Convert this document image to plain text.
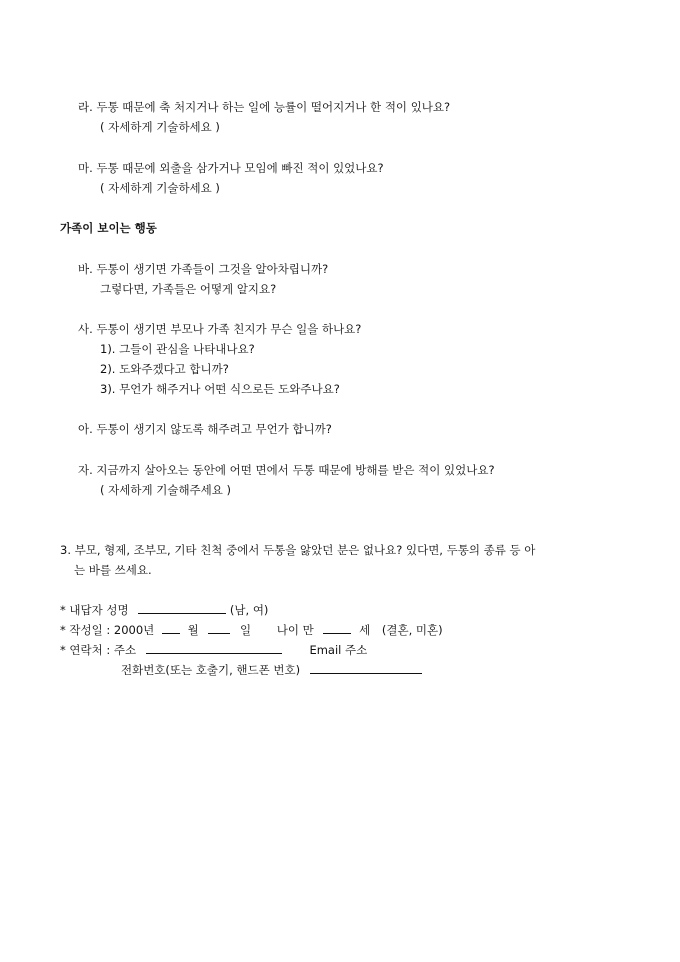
라. 두통 때문에 축 처지거나 하는 일에 능률이 떨어지거나 한 적이 있나요?
( 자세하게 기술하세요 )
마. 두통 때문에 외출을 삼가거나 모임에 빠진 적이 있었나요?
( 자세하게 기술하세요 )
가족이 보이는 행동
바. 두통이 생기면 가족들이 그것을 알아차립니까?
그렇다면, 가족들은 어떻게 알지요?
사. 두통이 생기면 부모나 가족 친지가 무슨 일을 하나요?
1). 그들이 관심을 나타내나요?
2). 도와주겠다고 합니까?
3). 무언가 해주거나 어떤 식으로든 도와주나요?
아. 두통이 생기지 않도록 해주려고 무언가 합니까?
자. 지금까지 살아오는 동안에 어떤 면에서 두통 때문에 방해를 받은 적이 있었나요?
( 자세하게 기술해주세요 )
3. 부모, 형제, 조부모, 기타 친척 중에서 두통을 앓았던 분은 없나요? 있다면, 두통의 종류 등 아
는 바를 쓰세요.
* 내답자 성명	(남, 여)
* 작성일 : 2000년	월	일 나이 만	세 (결혼, 미혼)
* 연락처 : 주소	Email 주소
전화번호(또는 호출기, 핸드폰 번호)
